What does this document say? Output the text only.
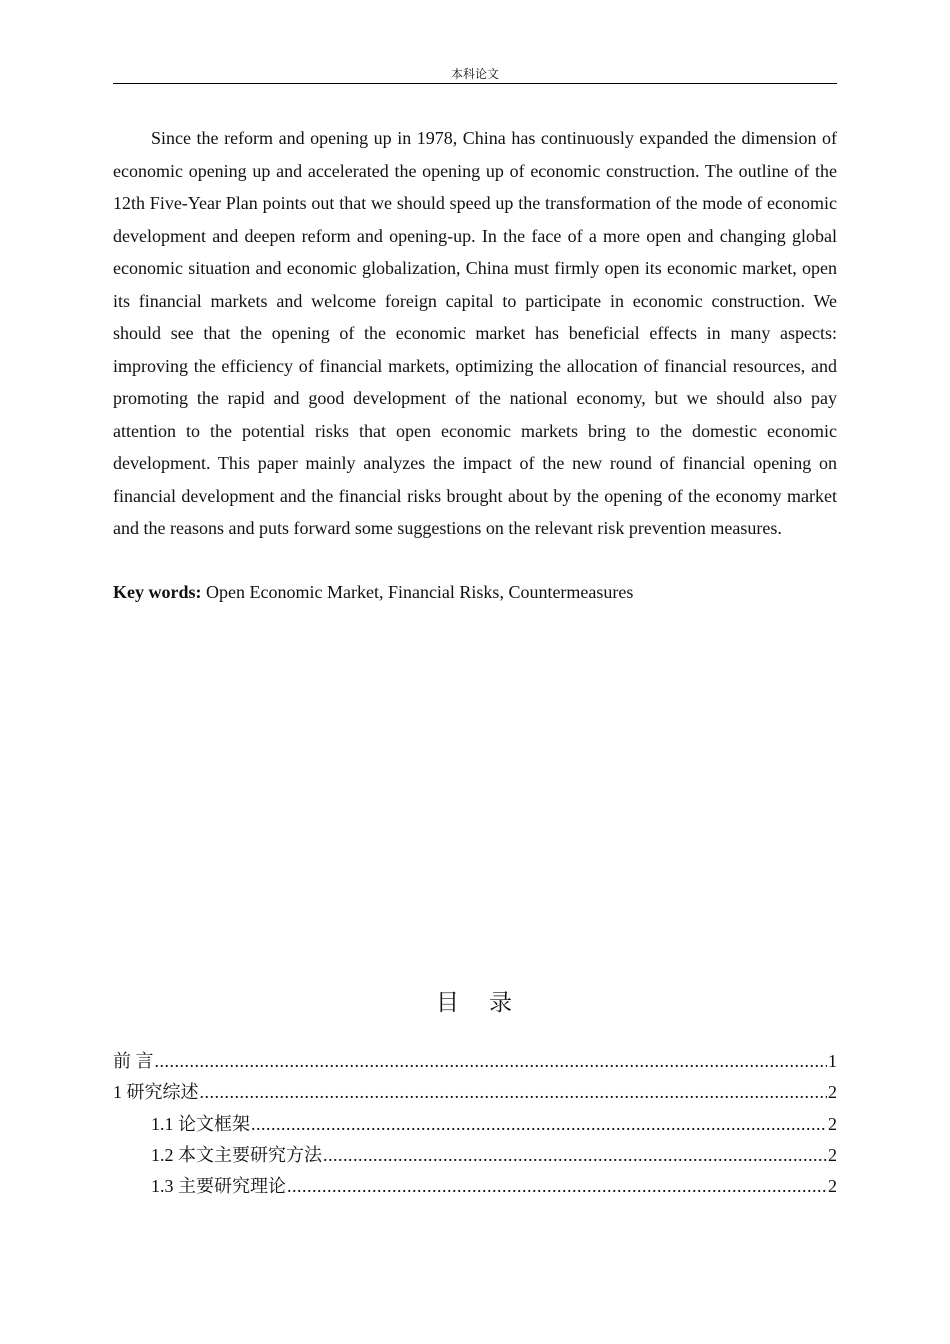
本科论文

Since the reform and opening up in 1978, China has continuously expanded the dimension of economic opening up and accelerated the opening up of economic construction. The outline of the 12th Five-Year Plan points out that we should speed up the transformation of the mode of economic development and deepen reform and opening-up. In the face of a more open and changing global economic situation and economic globalization, China must firmly open its economic market, open its financial markets and welcome foreign capital to participate in economic construction. We should see that the opening of the economic market has beneficial effects in many aspects: improving the efficiency of financial markets, optimizing the allocation of financial resources, and promoting the rapid and good development of the national economy, but we should also pay attention to the potential risks that open economic markets bring to the domestic economic development. This paper mainly analyzes the impact of the new round of financial opening on financial development and the financial risks brought about by the opening of the economy market and the reasons and puts forward some suggestions on the relevant risk prevention measures.

Key words: Open Economic Market, Financial Risks, Countermeasures

目 录
前 言 .....	1
1 研究综述 .....	2
1.1 论文框架 .....	2
1.2 本文主要研究方法 .....	2
1.3 主要研究理论 .....	2
